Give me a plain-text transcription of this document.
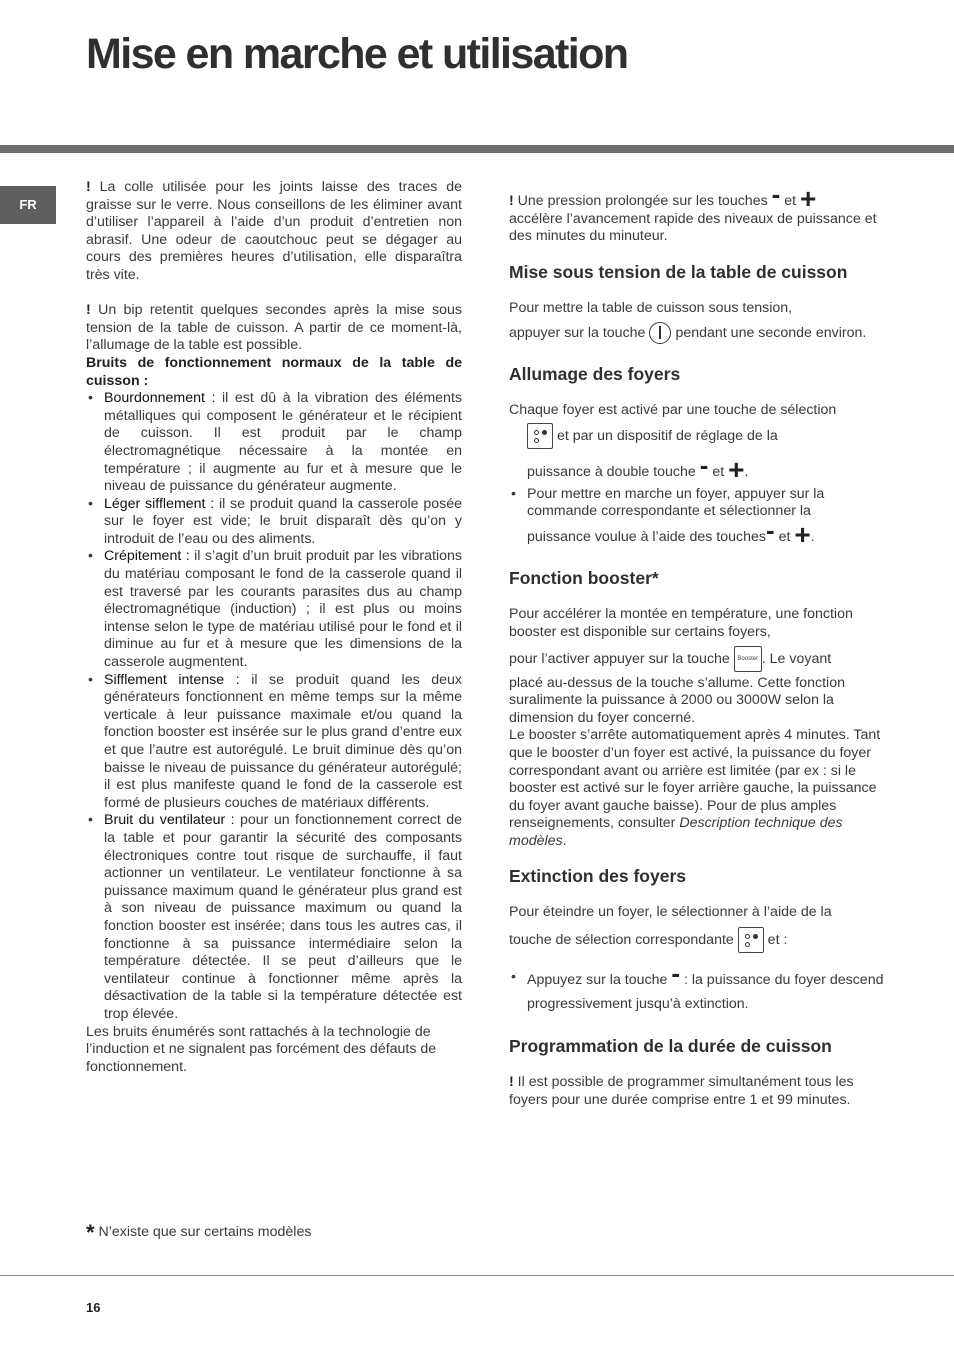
Mise en marche et utilisation
FR

! La colle utilisée pour les joints laisse des traces de graisse sur le verre. Nous conseillons de les éliminer avant d’utiliser l’appareil à l’aide d’un produit d’entretien non abrasif. Une odeur de caoutchouc peut se dégager au cours des premières heures d’utilisation, elle disparaîtra très vite.

! Un bip retentit quelques secondes après la mise sous tension de la table de cuisson. A partir de ce moment-là, l’allumage de la table est possible.

Bruits de fonctionnement normaux de la table de cuisson :

• Bourdonnement : il est dû à la vibration des éléments métalliques qui composent le générateur et le récipient de cuisson. Il est produit par le champ électromagnétique nécessaire à la montée en température ; il augmente au fur et à mesure que le niveau de puissance du générateur augmente.
• Léger sifflement : il se produit quand la casserole posée sur le foyer est vide; le bruit disparaît dès qu’on y introduit de l’eau ou des aliments.
• Crépitement : il s’agit d’un bruit produit par les vibrations du matériau composant le fond de la casserole quand il est traversé par les courants parasites dus au champ électromagnétique (induction) ; il est plus ou moins intense selon le type de matériau utilisé pour le fond et il diminue au fur et à mesure que les dimensions de la casserole augmentent.
• Sifflement intense : il se produit quand les deux générateurs fonctionnent en même temps sur la même verticale à leur puissance maximale et/ou quand la fonction booster est insérée sur le plus grand d’entre eux et que l’autre est autorégulé. Le bruit diminue dès qu’on baisse le niveau de puissance du générateur autorégulé; il est plus manifeste quand le fond de la casserole est formé de plusieurs couches de matériaux différents.
• Bruit du ventilateur : pour un fonctionnement correct de la table et pour garantir la sécurité des composants électroniques contre tout risque de surchauffe, il faut actionner un ventilateur. Le ventilateur fonctionne à sa puissance maximum quand le générateur plus grand est à son niveau de puissance maximum ou quand la fonction booster est insérée; dans tous les autres cas, il fonctionne à sa puissance intermédiaire selon la température détectée. Il se peut d’ailleurs que le ventilateur continue à fonctionner même après la désactivation de la table si la température détectée est trop élevée.

Les bruits énumérés sont rattachés à la technologie de l’induction et ne signalent pas forcément des défauts de fonctionnement.

! Une pression prolongée sur les touches - et +
accélère l’avancement rapide des niveaux de puissance et des minutes du minuteur.

Mise sous tension de la table de cuisson

Pour mettre la table de cuisson sous tension,

appuyer sur la touche pendant une seconde environ.

Allumage des foyers

Chaque foyer est activé par une touche de sélection

et par un dispositif de réglage de la

puissance à double touche - et +.

• Pour mettre en marche un foyer, appuyer sur la commande correspondante et sélectionner la
puissance voulue à l’aide des touches- et +.
Fonction booster*

Pour accélérer la montée en température, une fonction booster est disponible sur certains foyers,

pour l’activer appuyer sur la touche Booster . Le voyant

placé au-dessus de la touche s’allume. Cette fonction suralimente la puissance à 2000 ou 3000W selon la dimension du foyer concerné.

Le booster s’arrête automatiquement après 4 minutes. Tant que le booster d’un foyer est activé, la puissance du foyer correspondant avant ou arrière est limitée (par ex : si le booster est activé sur le foyer arrière gauche, la puissance du foyer avant gauche baisse). Pour de plus amples renseignements, consulter Description technique des modèles.

Extinction des foyers

Pour éteindre un foyer, le sélectionner à l’aide de la

touche de sélection correspondante
et :

• Appuyez sur la touche - : la puissance du foyer descend progressivement jusqu’à extinction.
Programmation de la durée de cuisson

! Il est possible de programmer simultanément tous les foyers pour une durée comprise entre 1 et 99 minutes.

* N’existe que sur certains modèles
16
